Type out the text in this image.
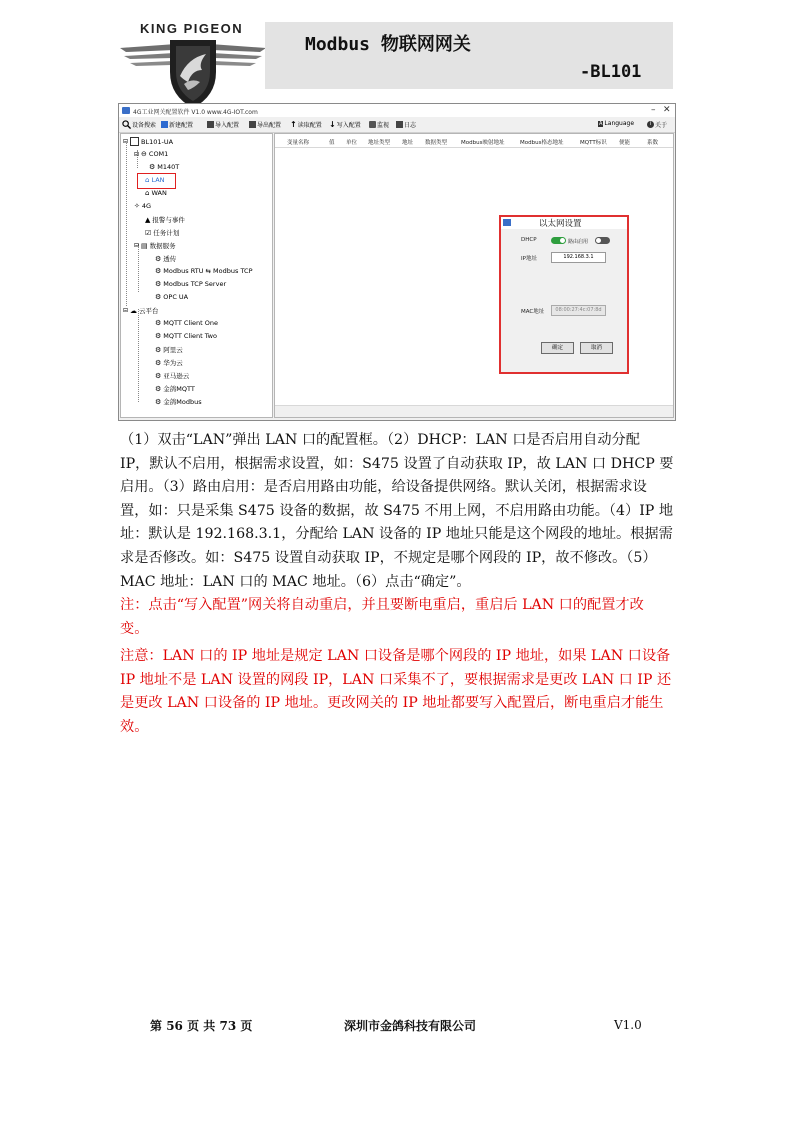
KING PIGEON
Modbus 物联网网关
-BL101
4G工业网关配置软件 V1.0 www.4G-IOT.com	– ✕
设备搜索 新建配置	导入配置	导出配置 ↑ 读取配置 ↓ 写入配置	监视 日志	A Language	i 关于
⊟ BL101-UA
⊟ ⊖ COM1
⚙ M140T
⌂ LAN
⌂ WAN
✧ 4G
▲ 报警与事件
☑ 任务计划
⊟ ▤ 数据服务
⚙ 透传
⚙ Modbus RTU ⇆ Modbus TCP
⚙ Modbus TCP Server
⚙ OPC UA
⊟ ☁ 云平台
⚙ MQTT Client One
⚙ MQTT Client Two
⚙ 阿里云
⚙ 华为云
⚙ 亚马逊云
⚙ 金鸽MQTT
⚙ 金鸽Modbus
变量名称	值 单位 地址类型 地址 数据类型	Modbus映射地址	Modbus格态地址	MQTT标识 便能	系数
以太网设置
DHCP	路由启用
IP地址	192.168.3.1
MAC地址	08:00:27:4c:07:8d
确定	取消
（1）双击“LAN”弹出 LAN 口的配置框。（2）DHCP：LAN 口是否启用自动分配
IP，默认不启用，根据需求设置，如：S475 设置了自动获取 IP，故 LAN 口 DHCP 要
启用。（3）路由启用：是否启用路由功能，给设备提供网络。默认关闭，根据需求设
置，如：只是采集 S475 设备的数据，故 S475 不用上网，不启用路由功能。（4）IP 地
址：默认是 192.168.3.1，分配给 LAN 设备的 IP 地址只能是这个网段的地址。根据需
求是否修改。如：S475 设置自动获取 IP，不规定是哪个网段的 IP，故不修改。（5）
MAC 地址：LAN 口的 MAC 地址。（6）点击“确定”。
注：点击“写入配置”网关将自动重启，并且要断电重启，重启后 LAN 口的配置才改
变。
注意：LAN 口的 IP 地址是规定 LAN 口设备是哪个网段的 IP 地址，如果 LAN 口设备
IP 地址不是 LAN 设置的网段 IP，LAN 口采集不了，要根据需求是更改 LAN 口 IP 还
是更改 LAN 口设备的 IP 地址。更改网关的 IP 地址都要写入配置后，断电重启才能生
效。
第 56 页 共 73 页	深圳市金鸽科技有限公司	V1.0
